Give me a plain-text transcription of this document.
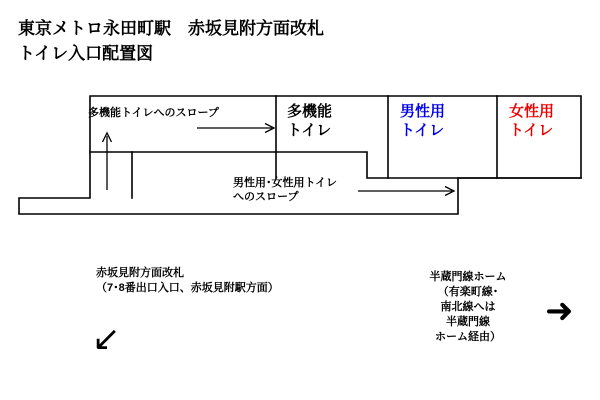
東京メトロ永田町駅　赤坂見附方面改札
トイレ入口配置図
多機能
トイレ
男性用
トイレ
女性用
トイレ
多機能トイレへのスロープ
男性用･女性用トイレ
へのスロープ
赤坂見附方面改札
（7･8番出口入口、赤坂見附駅方面）
↙
半蔵門線ホーム
（有楽町線･
南北線へは
半蔵門線
ホーム経由）
➜
